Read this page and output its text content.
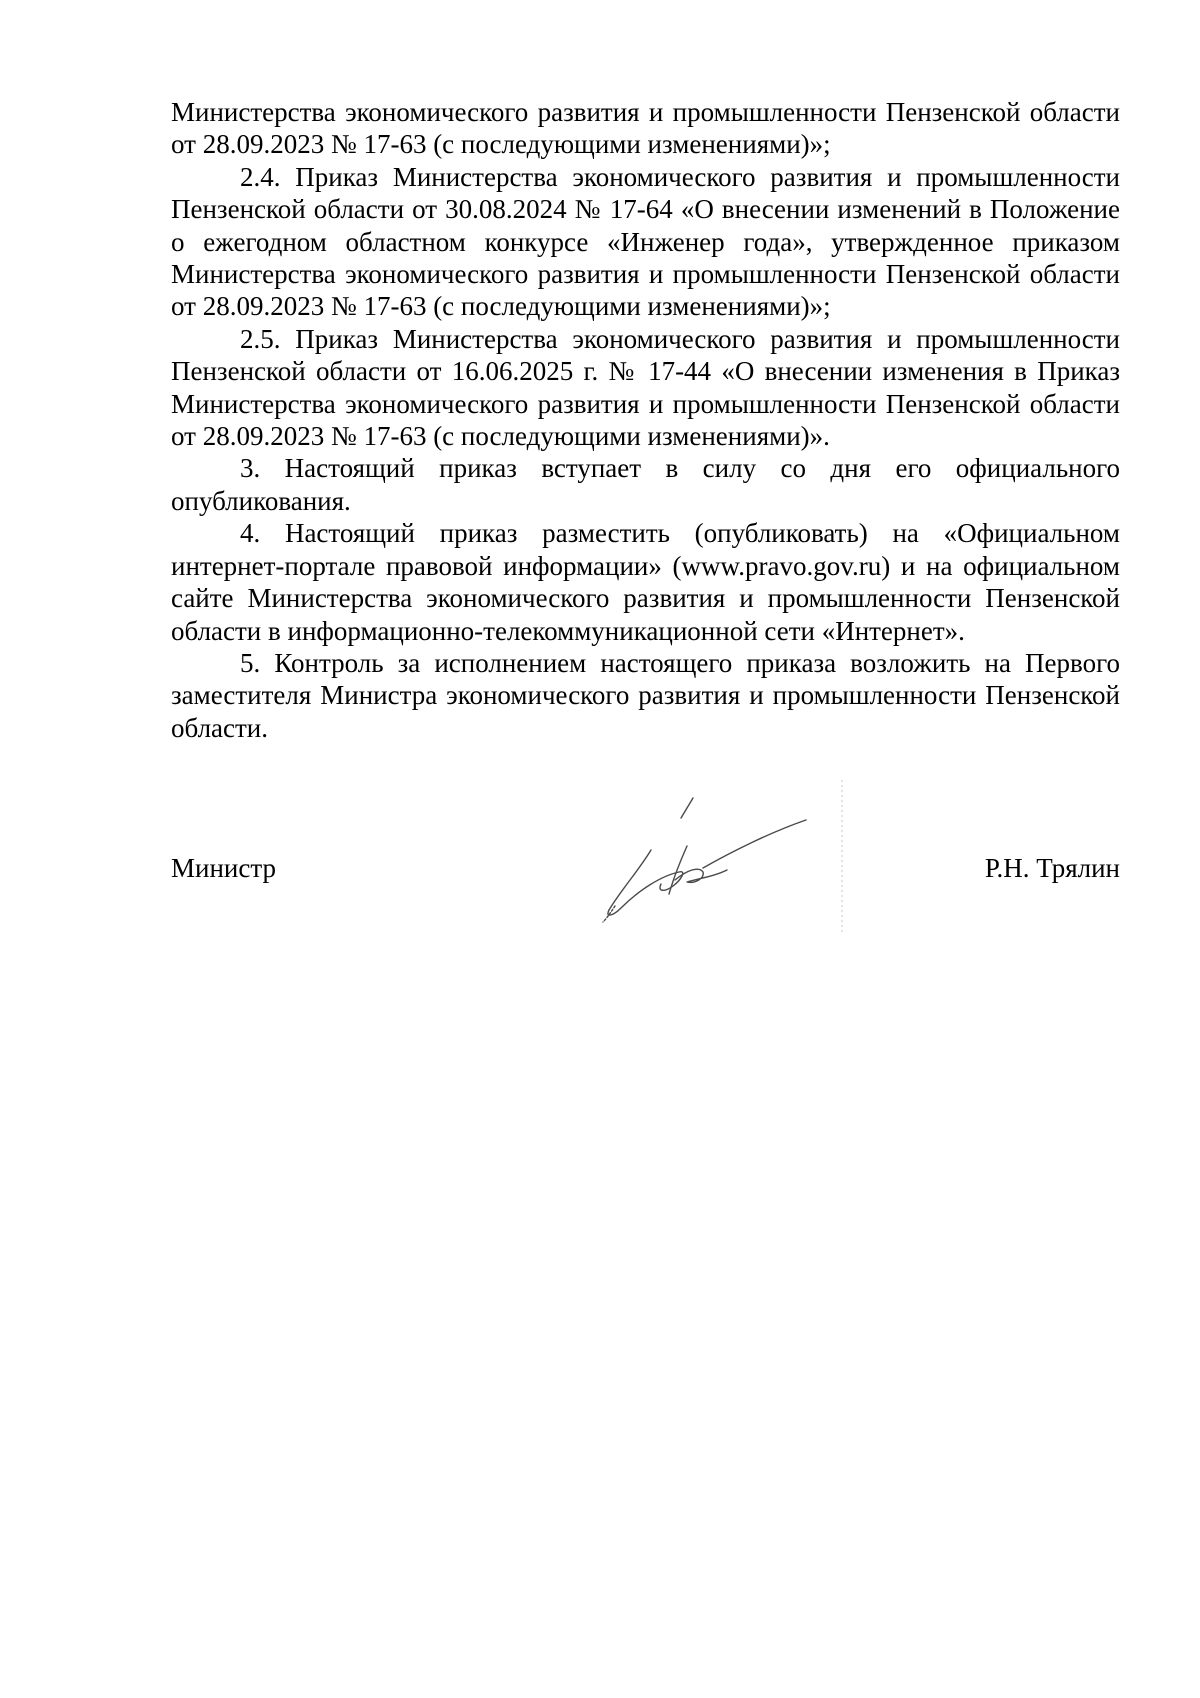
Министерства экономического развития и промышленности Пензенской области от 28.09.2023 № 17-63 (с последующими изменениями)»;

2.4. Приказ Министерства экономического развития и промышленности Пензенской области от 30.08.2024 № 17-64 «О внесении изменений в Положение о ежегодном областном конкурсе «Инженер года», утвержденное приказом Министерства экономического развития и промышленности Пензенской области от 28.09.2023 № 17-63 (с последующими изменениями)»;

2.5. Приказ Министерства экономического развития и промышленности Пензенской области от 16.06.2025 г. № 17-44 «О внесении изменения в Приказ Министерства экономического развития и промышленности Пензенской области от 28.09.2023 № 17-63 (с последующими изменениями)».

3. Настоящий приказ вступает в силу со дня его официального опубликования.

4. Настоящий приказ разместить (опубликовать) на «Официальном интернет-портале правовой информации» (www.pravo.gov.ru) и на официальном сайте Министерства экономического развития и промышленности Пензенской области в информационно-телекоммуникационной сети «Интернет».

5. Контроль за исполнением настоящего приказа возложить на Первого заместителя Министра экономического развития и промышленности Пензенской области.

Министр	Р.Н. Трялин
